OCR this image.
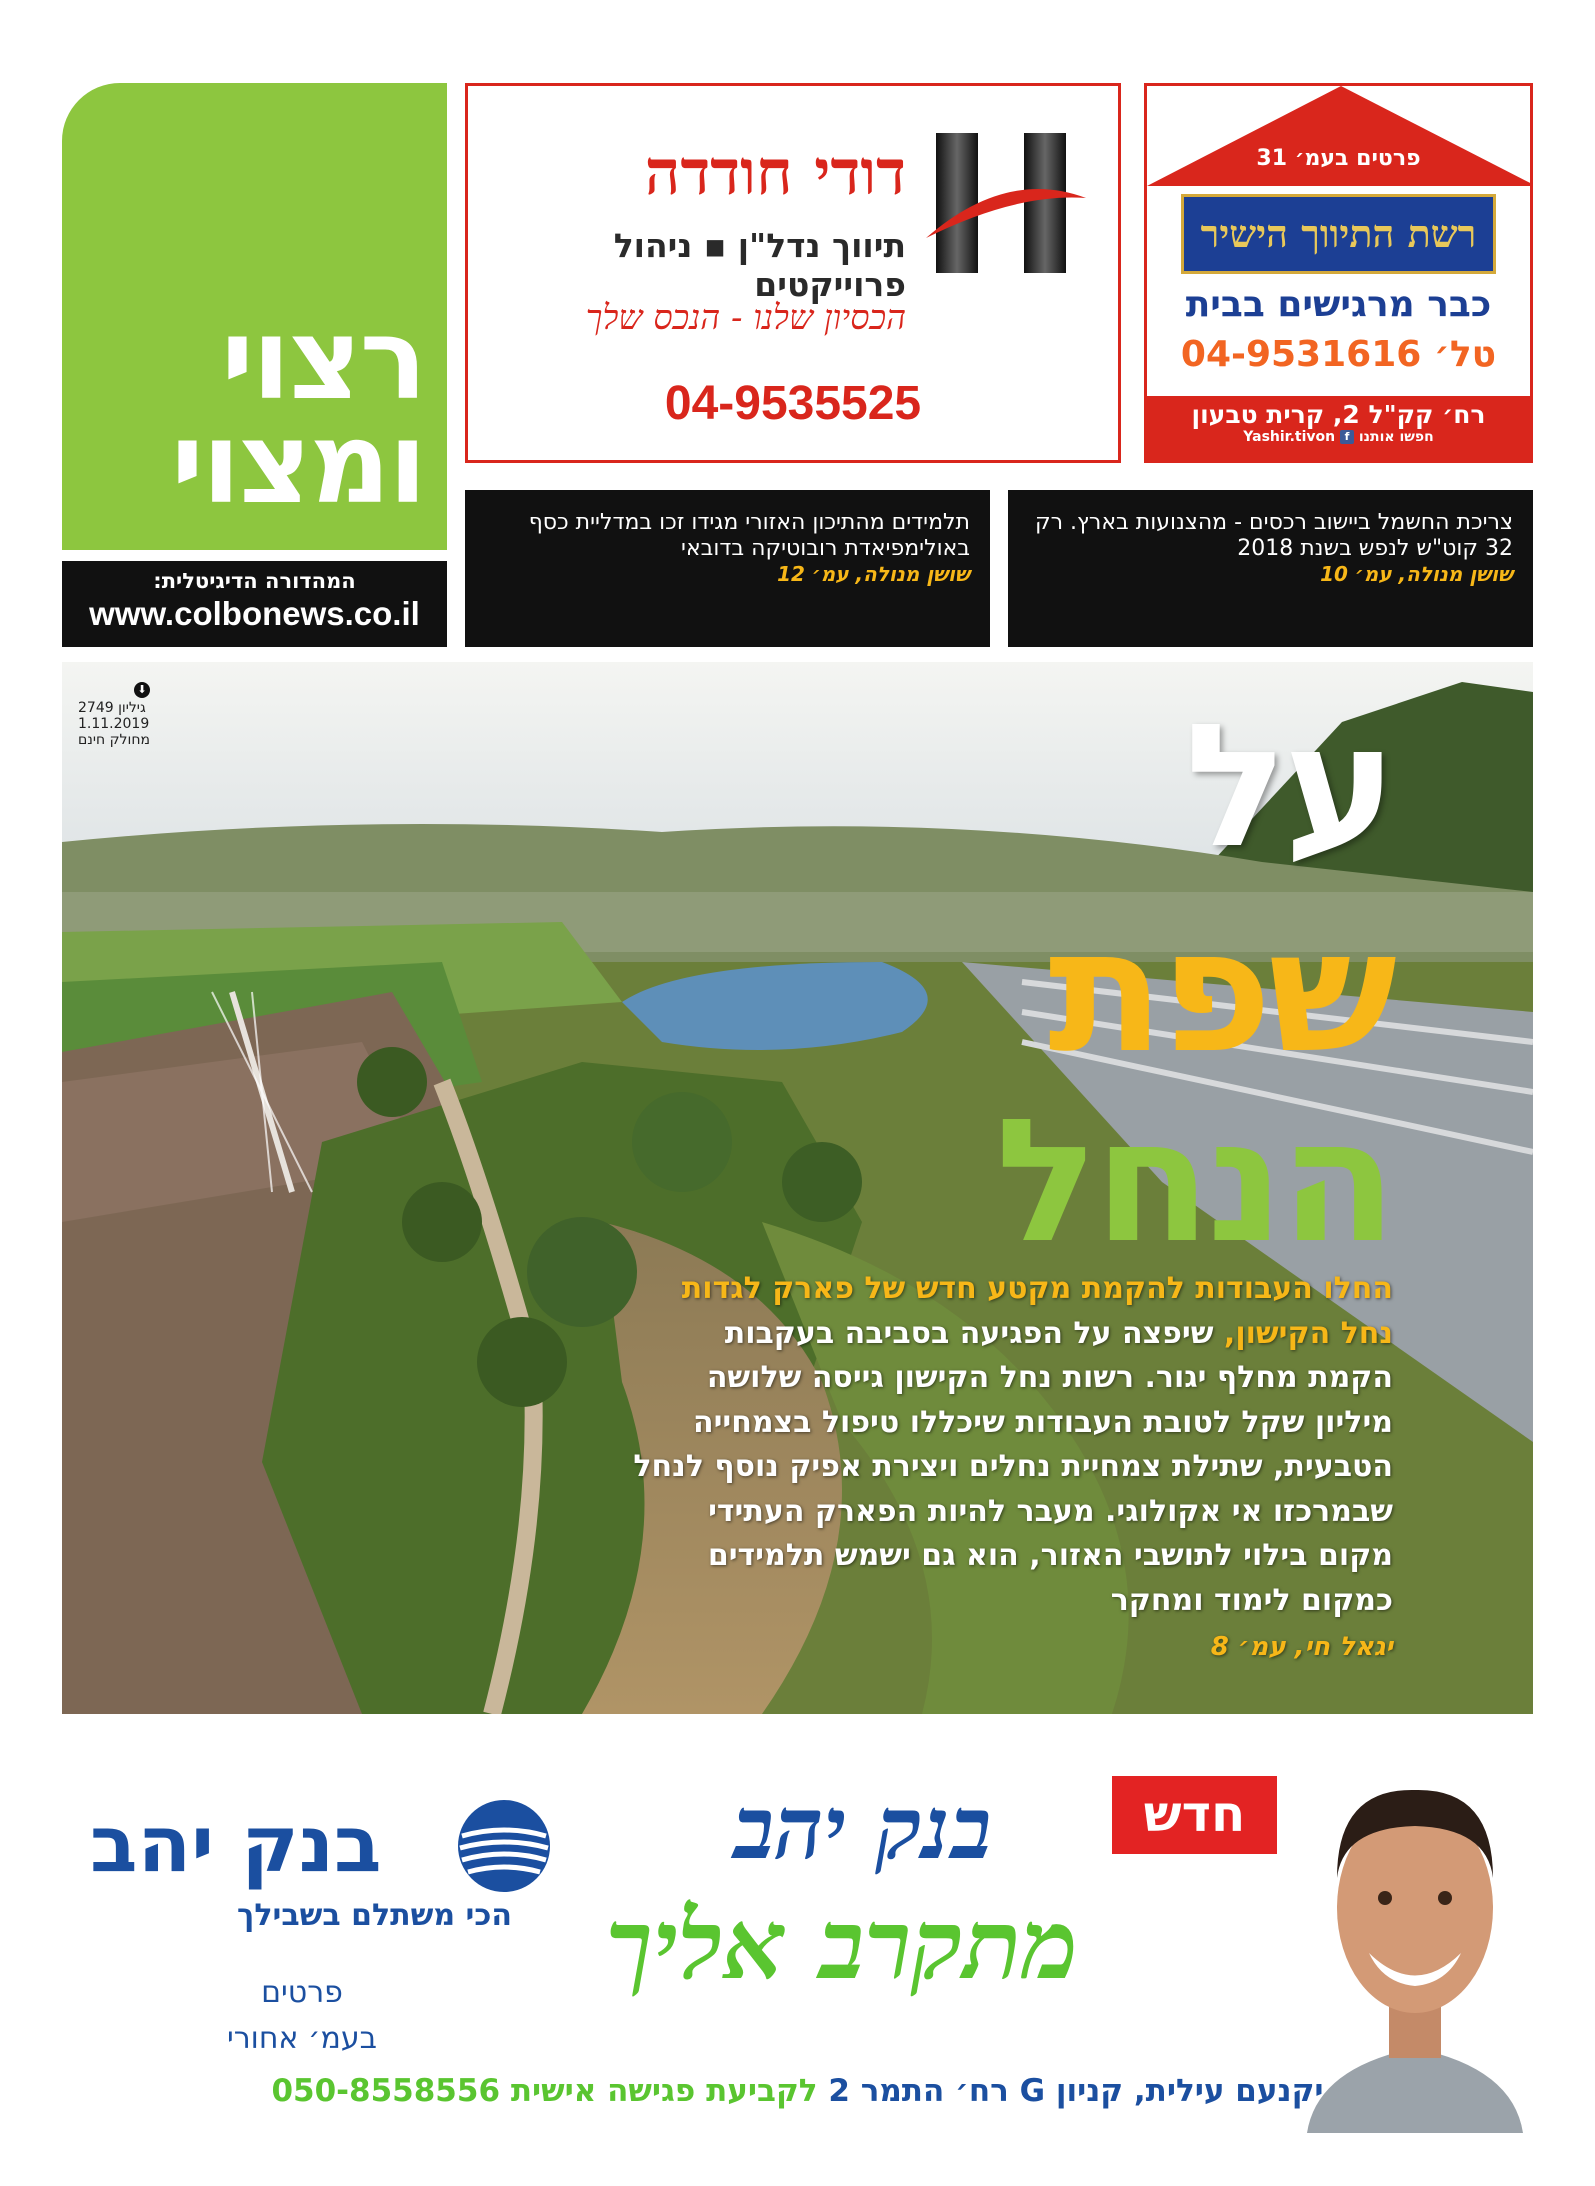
רצוי ומצוי
המהדורה הדיגיטלית:
www.colbonews.co.il
דודי חודדה
תיווך נדל"ן ▪ ניהול פרוייקטים
הכסיון שלנו - הנכס שלך
04-9535525
פרטים בעמ׳ 31
רשת התיווך הישיר
כבר מרגישים בבית
טל׳ 04-9531616
רח׳ קק"ל 2, קרית טבעון
חפשו אותנו f Yashir.tivon
צריכת החשמל ביישוב רכסים - מהצנועות בארץ. רק 32 קוט"ש לנפש בשנת 2018
שושן מנולה, עמ׳ 10
תלמידים מהתיכון האזורי מגידו זכו במדליית כסף באולימפיאדת רובוטיקה בדובאי
שושן מנולה, עמ׳ 12
⬇
גיליון 2749
1.11.2019
מחולק חינם	על
שפת
הנחל
החלו העבודות להקמת מקטע חדש של פארק לגדות נחל הקישון, שיפצה על הפגיעה בסביבה בעקבות הקמת מחלף יגור. רשות נחל הקישון גייסה שלושה מיליון שקל לטובת העבודות שיכללו טיפול בצמחייה הטבעית, שתילת צמחיית נחלים ויצירת אפיק נוסף לנחל שבמרכזו אי אקולוגי. מעבר להיות הפארק העתידי מקום בילוי לתושבי האזור, הוא גם ישמש תלמידים כמקום לימוד ומחקר
יגאל חי, עמ׳ 8
בנק יהב
הכי משתלם בשבילך
פרטים
בעמ׳ אחורי
בנק יהב	חדש
מתקרב אליך
יקנעם עילית, קניון G רח׳ התמר 2 לקביעת פגישה אישית 050-8558556
